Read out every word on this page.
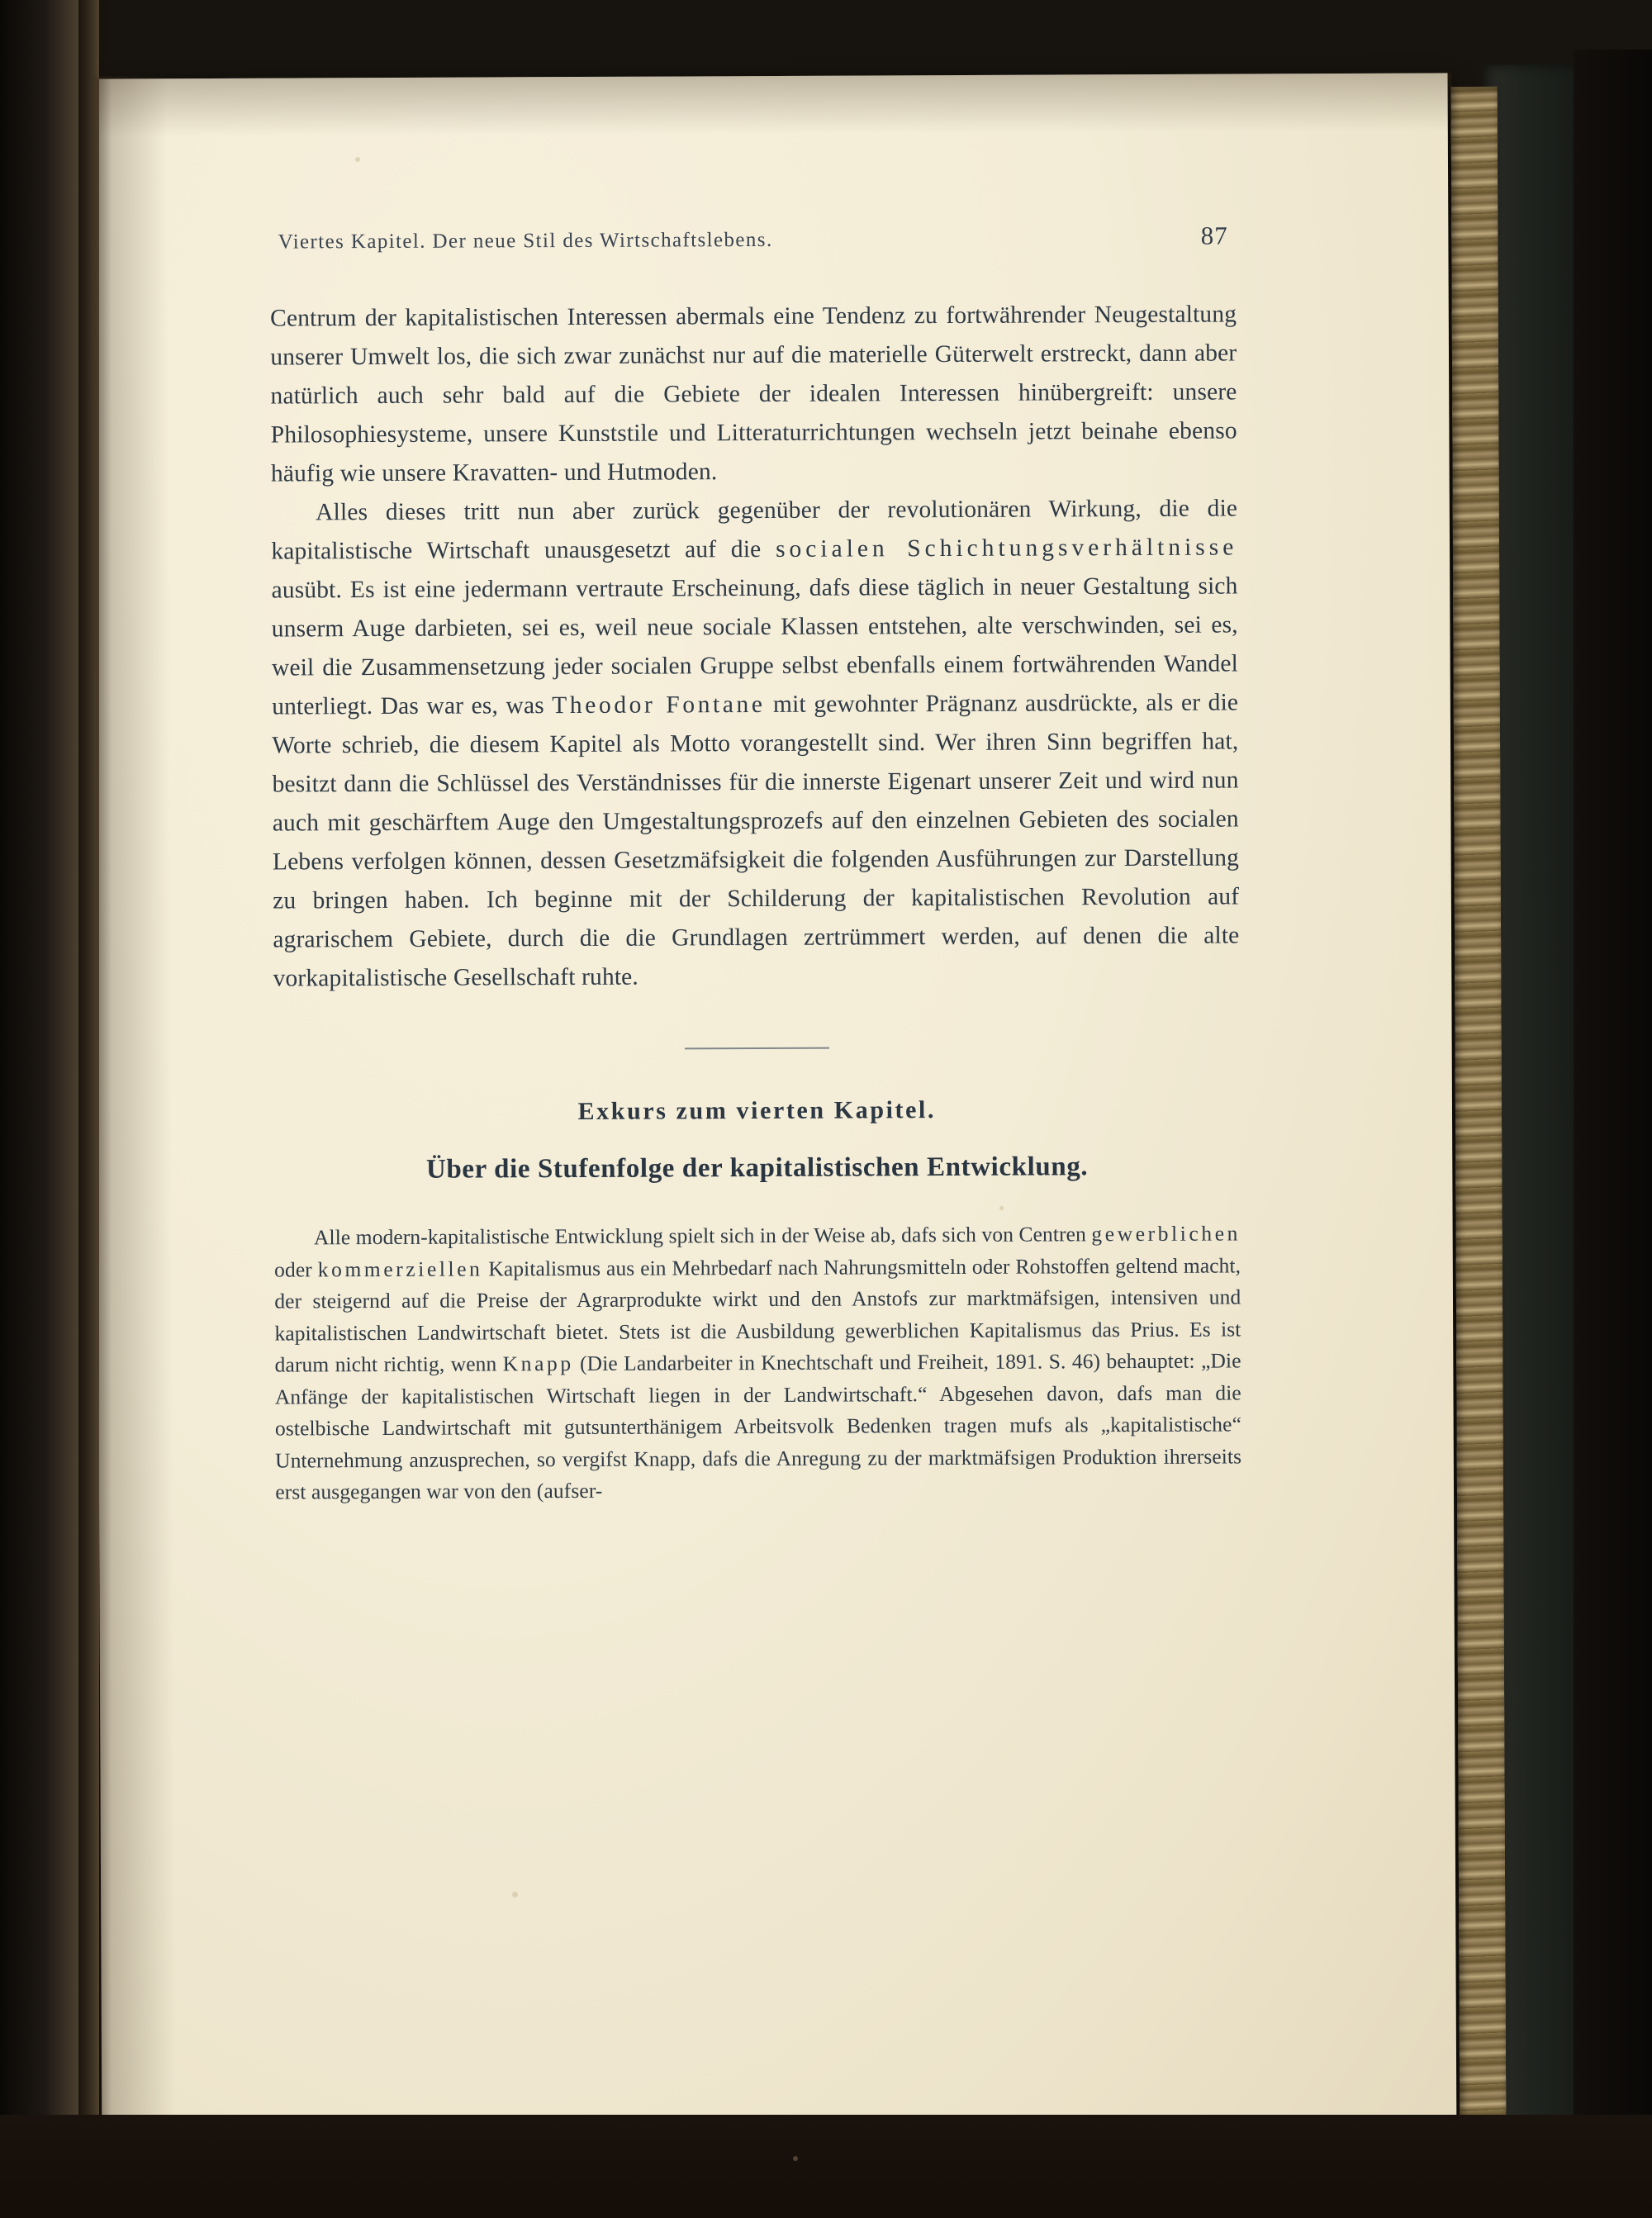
Viertes Kapitel. Der neue Stil des Wirtschaftslebens.	87

Centrum der kapitalistischen Interessen abermals eine Tendenz zu fortwährender Neugestaltung unserer Umwelt los, die sich zwar zunächst nur auf die materielle Güterwelt erstreckt, dann aber natürlich auch sehr bald auf die Gebiete der idealen Interessen hinübergreift: unsere Philosophiesysteme, unsere Kunststile und Litteraturrichtungen wechseln jetzt beinahe ebenso häufig wie unsere Kravatten- und Hutmoden.

Alles dieses tritt nun aber zurück gegenüber der revolutionären Wirkung, die die kapitalistische Wirtschaft unausgesetzt auf die socialen Schichtungsverhältnisse ausübt. Es ist eine jedermann vertraute Erscheinung, dafs diese täglich in neuer Gestaltung sich unserm Auge darbieten, sei es, weil neue sociale Klassen entstehen, alte verschwinden, sei es, weil die Zusammensetzung jeder socialen Gruppe selbst ebenfalls einem fortwährenden Wandel unterliegt. Das war es, was Theodor Fontane mit gewohnter Prägnanz ausdrückte, als er die Worte schrieb, die diesem Kapitel als Motto vorangestellt sind. Wer ihren Sinn begriffen hat, besitzt dann die Schlüssel des Verständnisses für die innerste Eigenart unserer Zeit und wird nun auch mit geschärftem Auge den Umgestaltungsprozefs auf den einzelnen Gebieten des socialen Lebens verfolgen können, dessen Gesetzmäfsigkeit die folgenden Ausführungen zur Darstellung zu bringen haben. Ich beginne mit der Schilderung der kapitalistischen Revolution auf agrarischem Gebiete, durch die die Grundlagen zertrümmert werden, auf denen die alte vorkapitalistische Gesellschaft ruhte.

Exkurs zum vierten Kapitel.
Über die Stufenfolge der kapitalistischen Entwicklung.

Alle modern-kapitalistische Entwicklung spielt sich in der Weise ab, dafs sich von Centren gewerblichen oder kommerziellen Kapitalismus aus ein Mehrbedarf nach Nahrungsmitteln oder Rohstoffen geltend macht, der steigernd auf die Preise der Agrarprodukte wirkt und den Anstofs zur marktmäfsigen, intensiven und kapitalistischen Landwirtschaft bietet. Stets ist die Ausbildung gewerblichen Kapitalismus das Prius. Es ist darum nicht richtig, wenn Knapp (Die Landarbeiter in Knechtschaft und Freiheit, 1891. S. 46) behauptet: „Die Anfänge der kapitalistischen Wirtschaft liegen in der Landwirtschaft.“ Abgesehen davon, dafs man die ostelbische Landwirtschaft mit gutsunterthänigem Arbeitsvolk Bedenken tragen mufs als „kapitalistische“ Unternehmung anzusprechen, so vergifst Knapp, dafs die Anregung zu der marktmäfsigen Produktion ihrerseits erst ausgegangen war von den (aufser-
